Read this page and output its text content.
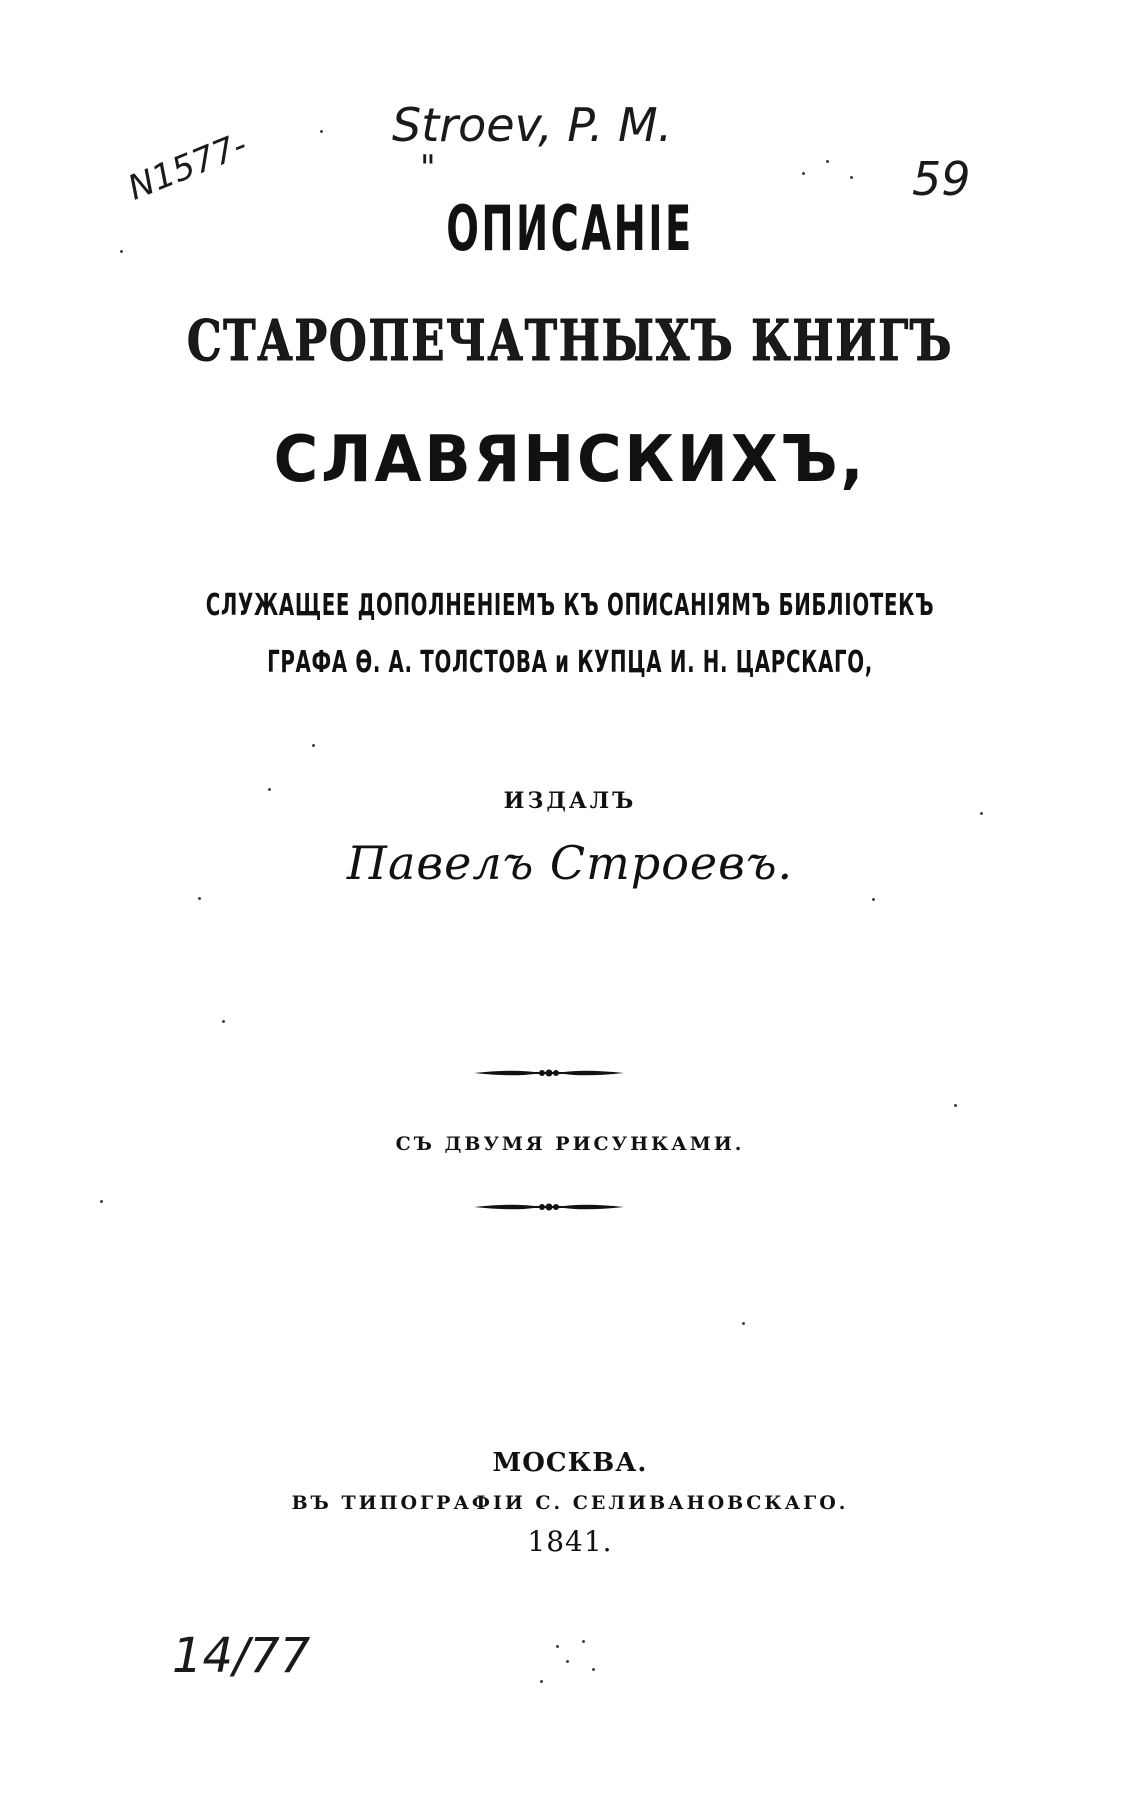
Stroev, P. M.
"
N1577-	59
14/77
ОПИСАНІЕ
СТАРОПЕЧАТНЫХЪ КНИГЪ
СЛАВЯНСКИХЪ,
СЛУЖАЩЕЕ ДОПОЛНЕНІЕМЪ КЪ ОПИСАНІЯМЪ БИБЛІОТЕКЪ
ГРАФА Ѳ. А. ТОЛСТОВА и КУПЦА И. Н. ЦАРСКАГО,
ИЗДАЛЪ
Павелъ Строевъ.
СЪ ДВУМЯ РИСУНКАМИ.
МОСКВА.
ВЪ ТИПОГРАФІИ С. СЕЛИВАНОВСКАГО.
1841.
